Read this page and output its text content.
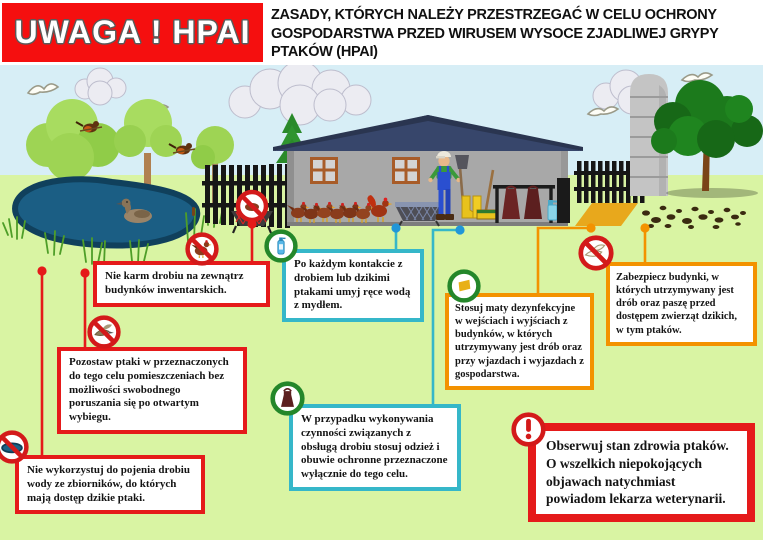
UWAGA ! HPAI ZASADY, KTÓRYCH NALEŻY PRZESTRZEGAĆ W CELU OCHRONY GOSPODARSTWA PRZED WIRUSEM WYSOCE ZJADLIWEJ GRYPY PTAKÓW (HPAI)
Nie karm drobiu na zewnątrz budynków inwentarskich.
Pozostaw ptaki w przeznaczonych do tego celu pomieszczeniach bez możliwości swobodnego poruszania się po otwartym wybiegu.
Nie wykorzystuj do pojenia drobiu wody ze zbiorników, do których mają dostęp dzikie ptaki.
Po każdym kontakcie z drobiem lub dzikimi ptakami umyj ręce wodą z mydłem.	Stosuj maty dezynfekcyjne w wejściach i wyjściach z budynków, w których utrzymywany jest drób oraz przy wjazdach i wyjazdach z gospodarstwa.
Zabezpiecz budynki, w których utrzymywany jest drób oraz paszę przed dostępem zwierząt dzikich, w tym ptaków.
W przypadku wykonywania czynności związanych z obsługą drobiu stosuj odzież i obuwie ochronne przeznaczone wyłącznie do tego celu.
Obserwuj stan zdrowia ptaków. O wszelkich niepokojących objawach natychmiast powiadom lekarza weterynarii.
